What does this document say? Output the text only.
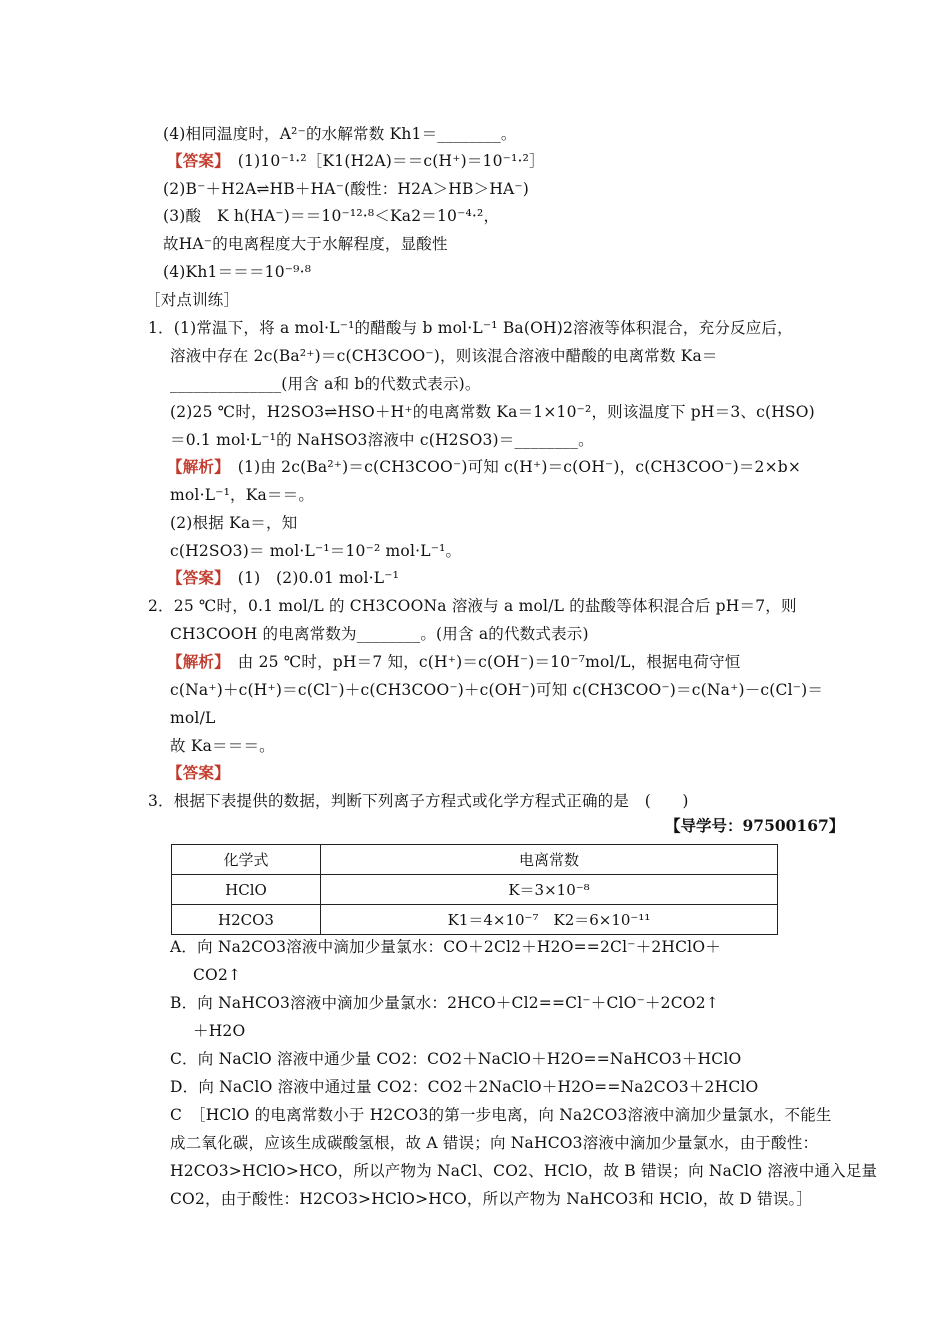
(4)相同温度时，A²⁻的水解常数 Kh1＝________。
【答案】　 (1)10⁻¹·²［K1(H2A)＝＝c(H⁺)＝10⁻¹·²］
(2)B⁻＋H2A⇌HB＋HA⁻(酸性：H2A＞HB＞HA⁻)
(3)酸　K h(HA⁻)＝＝10⁻¹²·⁸＜Ka2＝10⁻⁴·²，
故HA⁻的电离程度大于水解程度，显酸性
(4)Kh1＝＝＝10⁻⁹·⁸
［对点训练］
1．(1)常温下，将 a mol·L⁻¹的醋酸与 b mol·L⁻¹ Ba(OH)2溶液等体积混合，充分反应后，
溶液中存在 2c(Ba²⁺)＝c(CH3COO⁻)，则该混合溶液中醋酸的电离常数 Ka＝
______________(用含 a和 b的代数式表示)。
(2)25 ℃时，H2SO3⇌HSO＋H⁺的电离常数 Ka＝1×10⁻²，则该温度下 pH＝3、c(HSO)
＝0.1 mol·L⁻¹的 NaHSO3溶液中 c(H2SO3)＝________。
【解析】　 (1)由 2c(Ba²⁺)＝c(CH3COO⁻)可知 c(H⁺)＝c(OH⁻)，c(CH3COO⁻)＝2×b×
mol·L⁻¹，Ka＝＝。
(2)根据 Ka＝，知
c(H2SO3)＝ mol·L⁻¹＝10⁻² mol·L⁻¹。
【答案】　 (1)　(2)0.01 mol·L⁻¹
2．25 ℃时，0.1 mol/L 的 CH3COONa 溶液与 a mol/L 的盐酸等体积混合后 pH＝7，则
CH3COOH 的电离常数为________。(用含 a的代数式表示)
【解析】　 由 25 ℃时，pH＝7 知，c(H⁺)＝c(OH⁻)＝10⁻⁷mol/L，根据电荷守恒
c(Na⁺)＋c(H⁺)＝c(Cl⁻)＋c(CH3COO⁻)＋c(OH⁻)可知 c(CH3COO⁻)＝c(Na⁺)－c(Cl⁻)＝
mol/L
故 Ka＝＝＝。
【答案】
3．根据下表提供的数据，判断下列离子方程式或化学方程式正确的是　(　　)
【导学号：97500167】
化学式	电离常数
HClO	K＝3×10⁻⁸
H2CO3	K1＝4×10⁻⁷　K2＝6×10⁻¹¹
A．向 Na2CO3溶液中滴加少量氯水：CO＋2Cl2＋H2O==2Cl⁻＋2HClO＋
CO2↑
B．向 NaHCO3溶液中滴加少量氯水：2HCO＋Cl2==Cl⁻＋ClO⁻＋2CO2↑
＋H2O
C．向 NaClO 溶液中通少量 CO2：CO2＋NaClO＋H2O==NaHCO3＋HClO
D．向 NaClO 溶液中通过量 CO2：CO2＋2NaClO＋H2O==Na2CO3＋2HClO
C　［HClO 的电离常数小于 H2CO3的第一步电离，向 Na2CO3溶液中滴加少量氯水，不能生
成二氧化碳，应该生成碳酸氢根，故 A 错误；向 NaHCO3溶液中滴加少量氯水，由于酸性：
H2CO3>HClO>HCO，所以产物为 NaCl、CO2、HClO，故 B 错误；向 NaClO 溶液中通入足量
CO2，由于酸性：H2CO3>HClO>HCO，所以产物为 NaHCO3和 HClO，故 D 错误。］
